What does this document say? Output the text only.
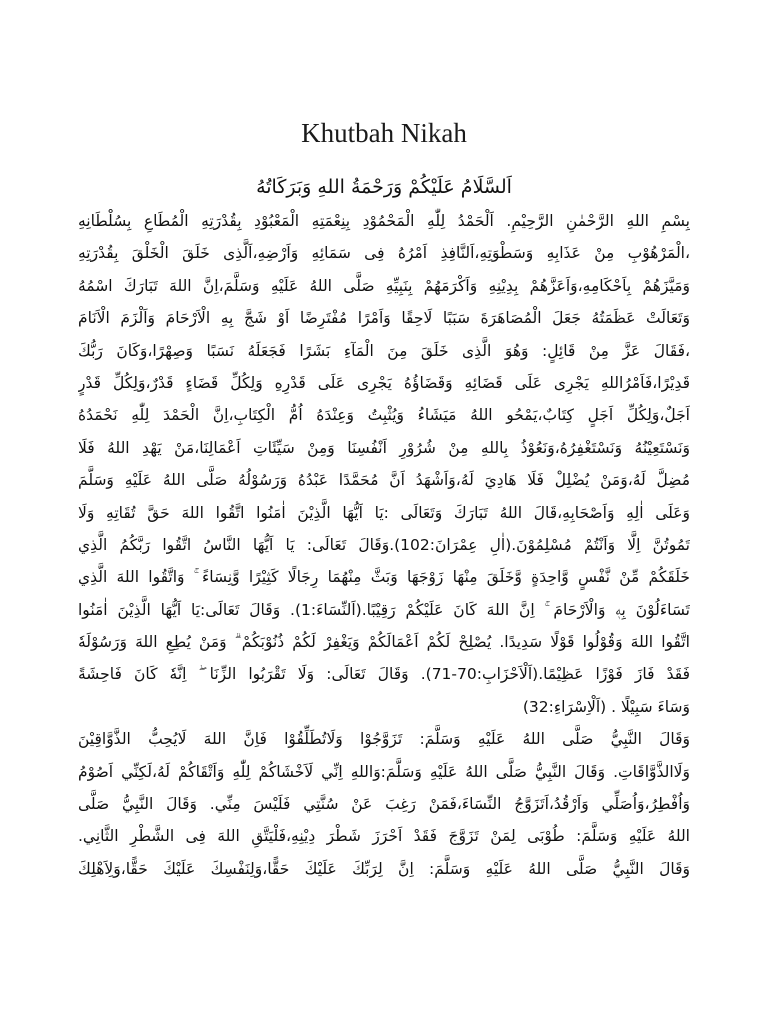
Khutbah Nikah

اَلسَّلَامُ عَلَيْكُمْ وَرَحْمَةُ اللهِ وَبَرَكَاتُهُ

بِسْمِ اللهِ الرَّحْمٰنِ الرَّحِيْمِ. اَلْحَمْدُ لِلّٰهِ الْمَحْمُوْدِ بِنِعْمَتِهِ الْمَعْبُوْدِ بِقُدْرَتِهِ الْمُطَاعِ بِسُلْطَانِهِ
،الْمَرْهُوْبِ مِنْ عَذَابِهِ وَسَطْوَتِهِ،اَلنَّافِذِ اَمْرُهُ فِى سَمَائِهِ وَاَرْضِهِ،اَلَّذِى خَلَقَ الْخَلْقَ بِقُدْرَتِهِ
وَمَيَّزَهُمْ بِاَحْكَامِهِ،وَاَعَزَّهُمْ بِدِيْنِهِ وَاَكْرَمَهُمْ بِنَبِيِّهِ صَلَّى اللهُ عَلَيْهِ وَسَلَّمَ،اِنَّ اللهَ تَبَارَكَ اسْمُهُ
وَتَعَالَتْ عَظَمَتُهُ جَعَلَ الْمُصَاهَرَةَ سَبَبًا لَاحِقًا وَاَمْرًا مُفْتَرِضًا اَوْ شَجَّ بِهِ الْاَرْحَامَ وَاَلْزَمَ الْاَنَامَ
،فَقَالَ عَزَّ مِنْ قَائِلٍ: وَهُوَ الَّذِى خَلَقَ مِنَ الْمَآءِ بَشَرًا فَجَعَلَهُ نَسَبًا وَصِهْرًا،وَكَانَ رَبُّكَ
قَدِيْرًا،فَاَمْرُاللهِ يَجْرِى عَلَى قَضَائِهِ وَقَضَاؤُهُ يَجْرِى عَلَى قَدْرِهِ وَلِكُلِّ قَضَاءٍ قَدْرٌ،وَلِكُلِّ قَدْرٍ
اَجَلٌ،وَلِكُلِّ اَجَلٍ كِتَابٌ،يَمْحُو اللهُ مَيَشَاءُ وَيُثْبِتُ وَعِنْدَهُ اُمُّ الْكِتَابِ،اِنَّ الْحَمْدَ لِلّٰهِ نَحْمَدُهُ
وَنَسْتَعِيْنُهُ وَنَسْتَغْفِرُهُ،وَنَعُوْذُ بِاللهِ مِنْ شُرُوْرِ اَنْفُسِنَا وَمِنْ سَيِّئَاتِ اَعْمَالِنَا،مَنْ يَهْدِ اللهُ فَلَا
مُضِلَّ لَهُ،وَمَنْ يُضْلِلْ فَلَا هَادِيَ لَهُ،وَاَشْهَدُ اَنَّ مُحَمَّدًا عَبْدُهُ وَرَسُوْلُهُ صَلَّى اللهُ عَلَيْهِ وَسَلَّمَ
وَعَلَى اٰلِهِ وَاَصْحَابِهِ،قَالَ اللهُ تَبَارَكَ وَتَعَالَى :يَا اَيُّهَا الَّذِيْنَ اٰمَنُوا اتَّقُوا اللهَ حَقَّ تُقَاتِهِ وَلَا
تَمُوتُنَّ اِلَّا وَاَنْتُمْ مُسْلِمُوْنَ.(اٰلِ عِمْرَانَ:102).وَقَالَ تَعَالَى: يَا اَيُّهَا النَّاسُ اتَّقُوا رَبَّكُمُ الَّذِي
خَلَقَكُمْ مِّنْ نَّفْسٍ وَّاحِدَةٍ وَّخَلَقَ مِنْهَا زَوْجَهَا وَبَثَّ مِنْهُمَا رِجَالًا كَثِيْرًا وَّنِسَاءً ۚ وَاتَّقُوا اللهَ الَّذِي
تَسَاءَلُوْنَ بِهٖ وَالْاَرْحَامَ ۚ اِنَّ اللهَ كَانَ عَلَيْكُمْ رَقِيْبًا.(اَلنِّسَاءَ:1). وَقَالَ تَعَالَى:يَا اَيُّهَا الَّذِيْنَ اٰمَنُوا
اتَّقُوا اللهَ وَقُوْلُوا قَوْلًا سَدِيدًا. يُصْلِحْ لَكُمْ اَعْمَالَكُمْ وَيَغْفِرْ لَكُمْ ذُنُوْبَكُمْ ۗ وَمَنْ يُطِعِ اللهَ وَرَسُوْلَهٗ
فَقَدْ فَازَ فَوْزًا عَظِيْمًا.(اَلْاَحْزَابِ:70-71). وَقَالَ تَعَالَى: وَلَا تَقْرَبُوا الزِّنَا ۖ اِنَّهٗ كَانَ فَاحِشَةً
وَسَاءَ سَبِيْلًا . (اَلْاِسْرَاءِ:32)
وَقَالَ النَّبِيُّ صَلَّى اللهُ عَلَيْهِ وَسَلَّمَ: تَزَوَّجُوْا وَلَاتُطَلِّقُوْا فَاِنَّ اللهَ لَايُحِبُّ الذَّوَّاقِيْنَ
وَلَاالذَّوَّاقَاتِ. وَقَالَ النَّبِيُّ صَلَّى اللهُ عَلَيْهِ وَسَلَّمَ:وَاللهِ اِنِّي لَاَخْشَاكُمْ لِلّٰهِ وَاَتْقَاكُمْ لَهُ،لَكِنِّي اَصُوْمُ
وَاُفْطِرُ،وَاُصَلِّي وَاَرْقُدُ،اَتَزَوَّجُ النِّسَاءَ،فَمَنْ رَغِبَ عَنْ سُنَّتِي فَلَيْسَ مِنِّي. وَقَالَ النَّبِيُّ صَلَّى
اللهُ عَلَيْهِ وَسَلَّمَ: طُوْبَى لِمَنْ تَزَوَّجَ فَقَدْ اَحْرَزَ شَطْرَ دِيْنِهِ،فَلْيَتَّقِ اللهَ فِى الشَّطْرِ الثَّانِي.
وَقَالَ النَّبِيُّ صَلَّى اللهُ عَلَيْهِ وَسَلَّمَ: اِنَّ لِرَبِّكَ عَلَيْكَ حَقًّا،وَلِنَفْسِكَ عَلَيْكَ حَقًّا،وَلِاَهْلِكَ
